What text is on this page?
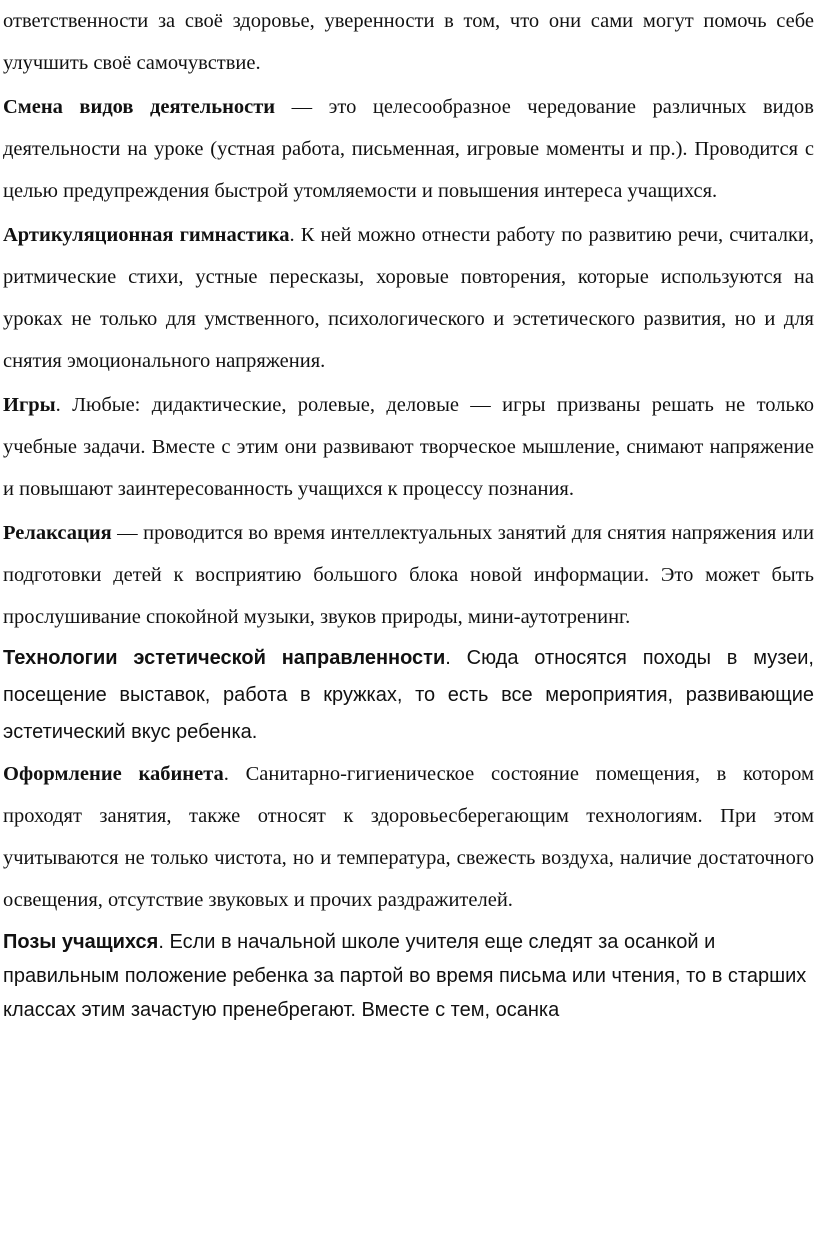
ответственности за своё здоровье, уверенности в том, что они сами могут помочь себе улучшить своё самочувствие.

Смена видов деятельности — это целесообразное чередование различных видов деятельности на уроке (устная работа, письменная, игровые моменты и пр.). Проводится с целью предупреждения быстрой утомляемости и повышения интереса учащихся.

Артикуляционная гимнастика. К ней можно отнести работу по развитию речи, считалки, ритмические стихи, устные пересказы, хоровые повторения, которые используются на уроках не только для умственного, психологического и эстетического развития, но и для снятия эмоционального напряжения.

Игры. Любые: дидактические, ролевые, деловые — игры призваны решать не только учебные задачи. Вместе с этим они развивают творческое мышление, снимают напряжение и повышают заинтересованность учащихся к процессу познания.

Релаксация — проводится во время интеллектуальных занятий для снятия напряжения или подготовки детей к восприятию большого блока новой информации. Это может быть прослушивание спокойной музыки, звуков природы, мини-аутотренинг.

Технологии эстетической направленности. Сюда относятся походы в музеи, посещение выставок, работа в кружках, то есть все мероприятия, развивающие эстетический вкус ребенка.

Оформление кабинета. Санитарно-гигиеническое состояние помещения, в котором проходят занятия, также относят к здоровьесберегающим технологиям. При этом учитываются не только чистота, но и температура, свежесть воздуха, наличие достаточного освещения, отсутствие звуковых и прочих раздражителей.

Позы учащихся. Если в начальной школе учителя еще следят за осанкой и правильным положение ребенка за партой во время письма или чтения, то в старших классах этим зачастую пренебрегают. Вместе с тем, осанка
